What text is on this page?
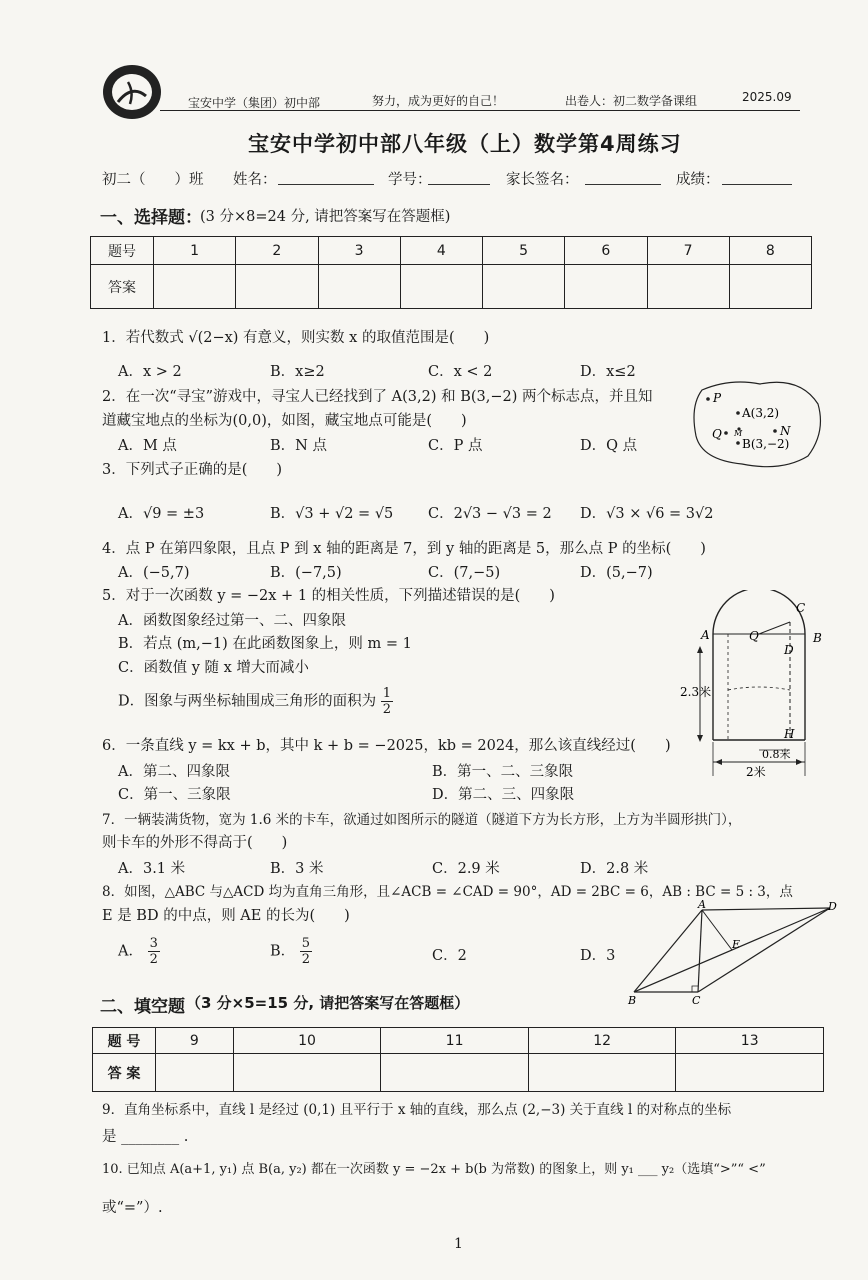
宝安中学（集团）初中部	努力，成为更好的自己！	出卷人：初二数学备课组	2025.09
宝安中学初中部八年级（上）数学第4周练习
初二（　　）班 姓名：	学号：	家长签名：	成绩：
一、选择题：
(3 分×8=24 分, 请把答案写在答题框)
题号	1	2	3	4	5	6	7	8
答案								
1．若代数式 √(2−x) 有意义，则实数 x 的取值范围是(　　)
A．x > 2	B．x≥2	C．x < 2	D．x≤2
2．在一次“寻宝”游戏中，寻宝人已经找到了 A(3,2) 和 B(3,−2) 两个标志点，并且知
道藏宝地点的坐标为(0,0)，如图，藏宝地点可能是(　　)
A．M 点	B．N 点	C．P 点	D．Q 点
P
A(3,2)
Q M	N
B(3,−2)
3．下列式子正确的是(　　)
A．√9 = ±3	B．√3 + √2 = √5 C．2√3 − √3 = 2 D．√3 × √6 = 3√2
4．点 P 在第四象限，且点 P 到 x 轴的距离是 7，到 y 轴的距离是 5，那么点 P 的坐标(　　)
A．(−5,7)	B．(−7,5)	C．(7,−5)	D．(5,−7)
5．对于一次函数 y = −2x + 1 的相关性质，下列描述错误的是(　　)
A．函数图象经过第一、二、四象限
B．若点 (m,−1) 在此函数图象上，则 m = 1
C．函数值 y 随 x 增大而减小
D．图象与两坐标轴围成三角形的面积为 $\frac{1}{2}$
A	B
C
D
Q
H
2.3米
0.8米
2米
6．一条直线 y = kx + b，其中 k + b = −2025，kb = 2024，那么该直线经过(　　)
A．第二、四象限	B．第一、二、三象限
C．第一、三象限	D．第二、三、四象限
7．一辆装满货物，宽为 1.6 米的卡车，欲通过如图所示的隧道（隧道下方为长方形，上方为半圆形拱门），
则卡车的外形不得高于(　　)
A．3.1 米	B．3 米	C．2.9 米	D．2.8 米
8．如图，△ABC 与△ACD 均为直角三角形，且∠ACB = ∠CAD = 90°，AD = 2BC = 6，AB : BC = 5 : 3，点
E 是 BD 的中点，则 AE 的长为(　　)
A． $\frac{3}{2}$	B． $\frac{5}{2}$	C．2	D．3
A
B	C
D
E
二、填空题 （3 分×5=15 分, 请把答案写在答题框）
题 号	9	10	11	12	13
答 案					
9．直角坐标系中，直线 l 是经过 (0,1) 且平行于 x 轴的直线，那么点 (2,−3) 关于直线 l 的对称点的坐标
是 ________ .
10. 已知点 A(a+1, y₁) 点 B(a, y₂) 都在一次函数 y = −2x + b(b 为常数) 的图象上，则 y₁ ___ y₂（选填“>”“ <”
或“=”）.
1
